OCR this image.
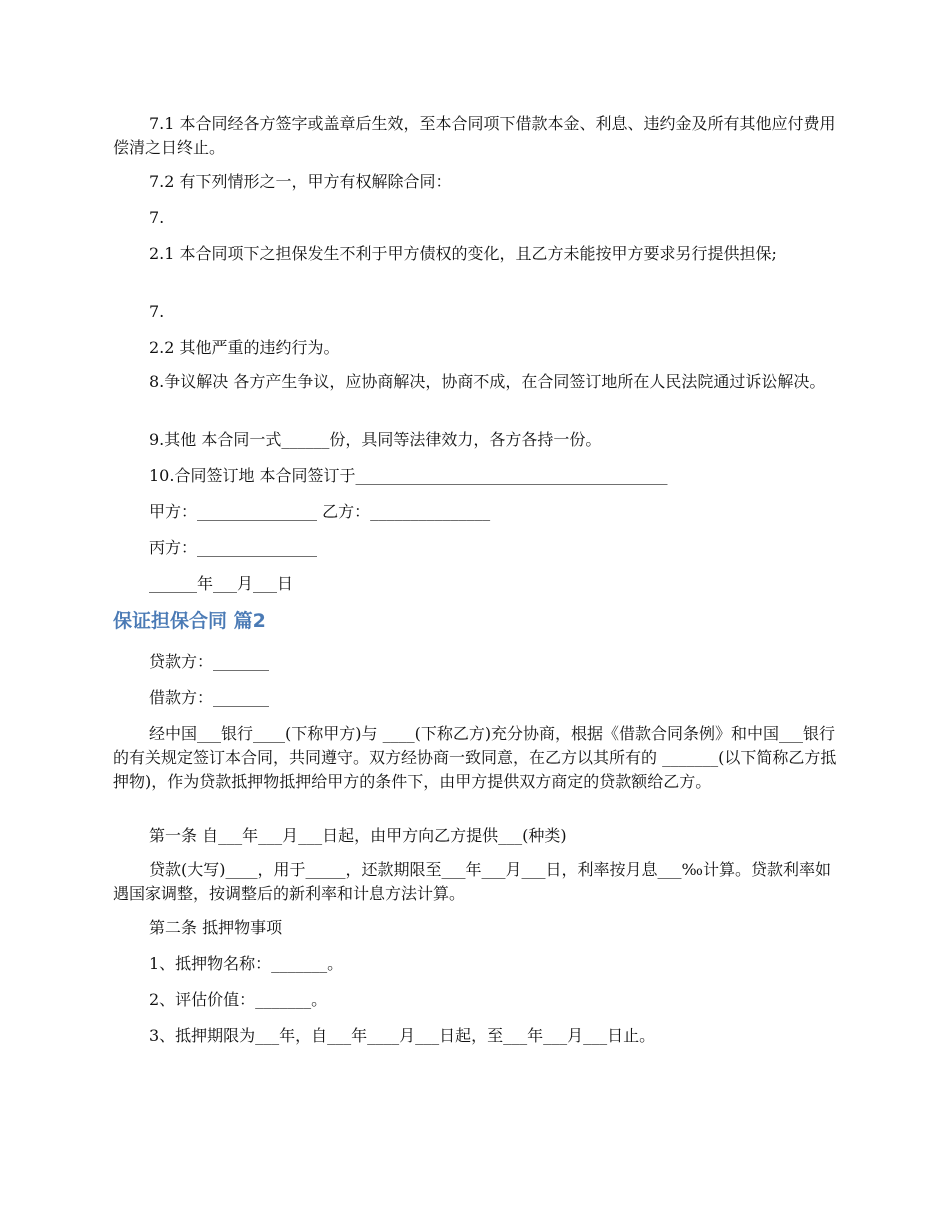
7.1 本合同经各方签字或盖章后生效，至本合同项下借款本金、利息、违约金及所有其他应付费用偿清之日终止。

7.2 有下列情形之一，甲方有权解除合同：

7.

2.1 本合同项下之担保发生不利于甲方债权的变化，且乙方未能按甲方要求另行提供担保;

7.

2.2 其他严重的违约行为。

8.争议解决 各方产生争议，应协商解决，协商不成，在合同签订地所在人民法院通过诉讼解决。

9.其他 本合同一式______份，具同等法律效力，各方各持一份。

10.合同签订地 本合同签订于_______________________________________

甲方：_______________ 乙方：_______________

丙方：_______________

______年___月___日

保证担保合同 篇2

贷款方：_______

借款方：_______

经中国___银行____(下称甲方)与 ____(下称乙方)充分协商，根据《借款合同条例》和中国___银行的有关规定签订本合同，共同遵守。双方经协商一致同意，在乙方以其所有的 _______(以下简称乙方抵押物)，作为贷款抵押物抵押给甲方的条件下，由甲方提供双方商定的贷款额给乙方。

第一条 自___年___月___日起，由甲方向乙方提供___(种类)

贷款(大写)____，用于_____，还款期限至___年___月___日，利率按月息___‰计算。贷款利率如遇国家调整，按调整后的新利率和计息方法计算。

第二条 抵押物事项

1、抵押物名称：_______。

2、评估价值：_______。

3、抵押期限为___年，自___年____月___日起，至___年___月___日止。
